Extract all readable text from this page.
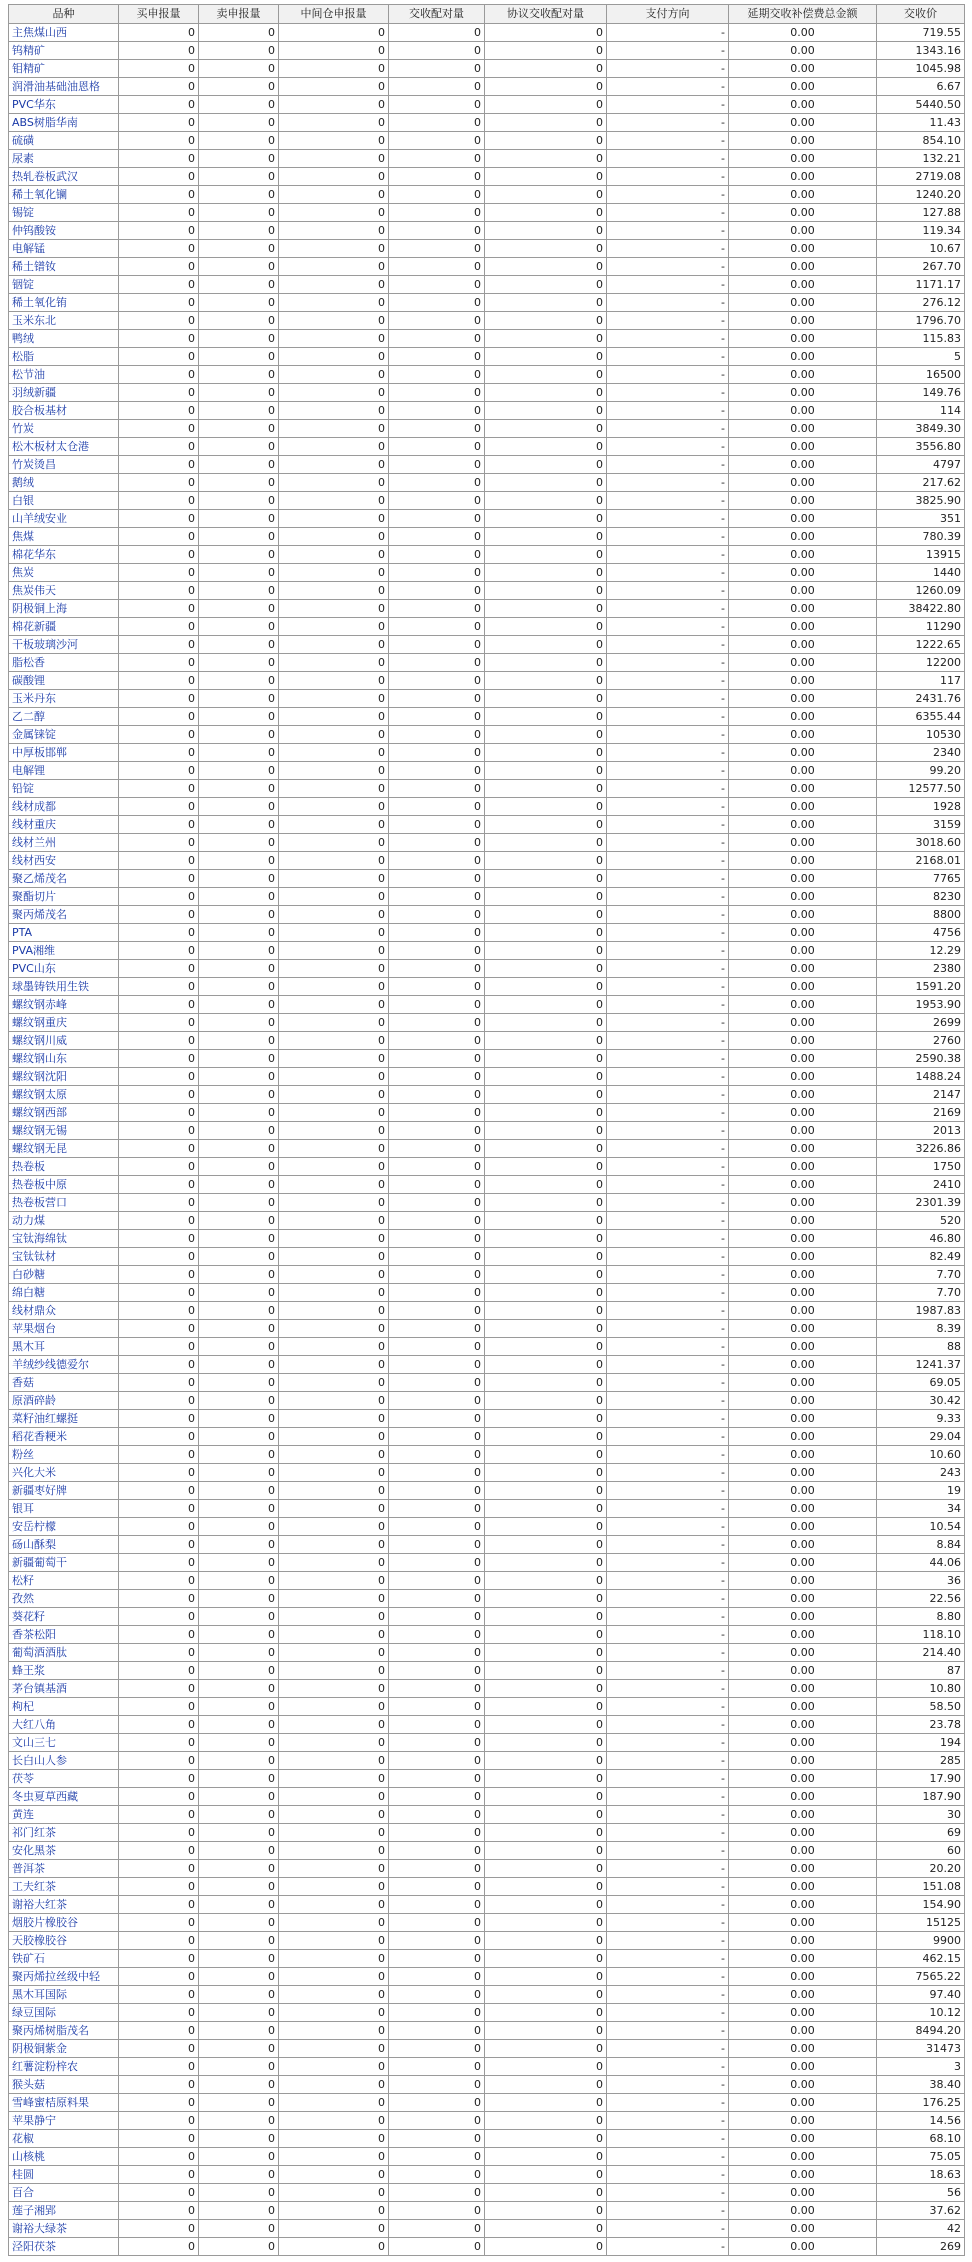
品种	买申报量	卖申报量	中间仓申报量	交收配对量	协议交收配对量	支付方向	延期交收补偿费总金额	交收价
主焦煤山西	0	0	0	0	0	-	0.00	719.55
钨精矿	0	0	0	0	0	-	0.00	1343.16
钼精矿	0	0	0	0	0	-	0.00	1045.98
润滑油基础油恩格	0	0	0	0	0	-	0.00	6.67
PVC华东	0	0	0	0	0	-	0.00	5440.50
ABS树脂华南	0	0	0	0	0	-	0.00	11.43
硫磺	0	0	0	0	0	-	0.00	854.10
尿素	0	0	0	0	0	-	0.00	132.21
热轧卷板武汉	0	0	0	0	0	-	0.00	2719.08
稀土氧化镧	0	0	0	0	0	-	0.00	1240.20
锡锭	0	0	0	0	0	-	0.00	127.88
仲钨酸铵	0	0	0	0	0	-	0.00	119.34
电解锰	0	0	0	0	0	-	0.00	10.67
稀土镨钕	0	0	0	0	0	-	0.00	267.70
铟锭	0	0	0	0	0	-	0.00	1171.17
稀土氧化铕	0	0	0	0	0	-	0.00	276.12
玉米东北	0	0	0	0	0	-	0.00	1796.70
鸭绒	0	0	0	0	0	-	0.00	115.83
松脂	0	0	0	0	0	-	0.00	5
松节油	0	0	0	0	0	-	0.00	16500
羽绒新疆	0	0	0	0	0	-	0.00	149.76
胶合板基材	0	0	0	0	0	-	0.00	114
竹炭	0	0	0	0	0	-	0.00	3849.30
松木板材太仓港	0	0	0	0	0	-	0.00	3556.80
竹炭烫昌	0	0	0	0	0	-	0.00	4797
鹅绒	0	0	0	0	0	-	0.00	217.62
白银	0	0	0	0	0	-	0.00	3825.90
山羊绒安业	0	0	0	0	0	-	0.00	351
焦煤	0	0	0	0	0	-	0.00	780.39
棉花华东	0	0	0	0	0	-	0.00	13915
焦炭	0	0	0	0	0	-	0.00	1440
焦炭伟天	0	0	0	0	0	-	0.00	1260.09
阴极铜上海	0	0	0	0	0	-	0.00	38422.80
棉花新疆	0	0	0	0	0	-	0.00	11290
干板玻璃沙河	0	0	0	0	0	-	0.00	1222.65
脂松香	0	0	0	0	0	-	0.00	12200
碳酸锂	0	0	0	0	0	-	0.00	117
玉米丹东	0	0	0	0	0	-	0.00	2431.76
乙二醇	0	0	0	0	0	-	0.00	6355.44
金属铼锭	0	0	0	0	0	-	0.00	10530
中厚板邯郸	0	0	0	0	0	-	0.00	2340
电解锂	0	0	0	0	0	-	0.00	99.20
铅锭	0	0	0	0	0	-	0.00	12577.50
线材成都	0	0	0	0	0	-	0.00	1928
线材重庆	0	0	0	0	0	-	0.00	3159
线材兰州	0	0	0	0	0	-	0.00	3018.60
线材西安	0	0	0	0	0	-	0.00	2168.01
聚乙烯茂名	0	0	0	0	0	-	0.00	7765
聚酯切片	0	0	0	0	0	-	0.00	8230
聚丙烯茂名	0	0	0	0	0	-	0.00	8800
PTA	0	0	0	0	0	-	0.00	4756
PVA湘维	0	0	0	0	0	-	0.00	12.29
PVC山东	0	0	0	0	0	-	0.00	2380
球墨铸铁用生铁	0	0	0	0	0	-	0.00	1591.20
螺纹钢赤峰	0	0	0	0	0	-	0.00	1953.90
螺纹钢重庆	0	0	0	0	0	-	0.00	2699
螺纹钢川威	0	0	0	0	0	-	0.00	2760
螺纹钢山东	0	0	0	0	0	-	0.00	2590.38
螺纹钢沈阳	0	0	0	0	0	-	0.00	1488.24
螺纹钢太原	0	0	0	0	0	-	0.00	2147
螺纹钢西部	0	0	0	0	0	-	0.00	2169
螺纹钢无锡	0	0	0	0	0	-	0.00	2013
螺纹钢无昆	0	0	0	0	0	-	0.00	3226.86
热卷板	0	0	0	0	0	-	0.00	1750
热卷板中原	0	0	0	0	0	-	0.00	2410
热卷板营口	0	0	0	0	0	-	0.00	2301.39
动力煤	0	0	0	0	0	-	0.00	520
宝钛海绵钛	0	0	0	0	0	-	0.00	46.80
宝钛钛材	0	0	0	0	0	-	0.00	82.49
白砂糖	0	0	0	0	0	-	0.00	7.70
绵白糖	0	0	0	0	0	-	0.00	7.70
线材鼎众	0	0	0	0	0	-	0.00	1987.83
苹果烟台	0	0	0	0	0	-	0.00	8.39
黑木耳	0	0	0	0	0	-	0.00	88
羊绒纱线德爱尔	0	0	0	0	0	-	0.00	1241.37
香菇	0	0	0	0	0	-	0.00	69.05
原酒碎龄	0	0	0	0	0	-	0.00	30.42
菜籽油红螺挺	0	0	0	0	0	-	0.00	9.33
稻花香粳米	0	0	0	0	0	-	0.00	29.04
粉丝	0	0	0	0	0	-	0.00	10.60
兴化大米	0	0	0	0	0	-	0.00	243
新疆枣好牌	0	0	0	0	0	-	0.00	19
银耳	0	0	0	0	0	-	0.00	34
安岳柠檬	0	0	0	0	0	-	0.00	10.54
砀山酥梨	0	0	0	0	0	-	0.00	8.84
新疆葡萄干	0	0	0	0	0	-	0.00	44.06
松籽	0	0	0	0	0	-	0.00	36
孜然	0	0	0	0	0	-	0.00	22.56
葵花籽	0	0	0	0	0	-	0.00	8.80
香茶松阳	0	0	0	0	0	-	0.00	118.10
葡萄酒酒肽	0	0	0	0	0	-	0.00	214.40
蜂王浆	0	0	0	0	0	-	0.00	87
茅台镇基酒	0	0	0	0	0	-	0.00	10.80
枸杞	0	0	0	0	0	-	0.00	58.50
大红八角	0	0	0	0	0	-	0.00	23.78
文山三七	0	0	0	0	0	-	0.00	194
长白山人参	0	0	0	0	0	-	0.00	285
茯苓	0	0	0	0	0	-	0.00	17.90
冬虫夏草西藏	0	0	0	0	0	-	0.00	187.90
黄连	0	0	0	0	0	-	0.00	30
祁门红茶	0	0	0	0	0	-	0.00	69
安化黑茶	0	0	0	0	0	-	0.00	60
普洱茶	0	0	0	0	0	-	0.00	20.20
工夫红茶	0	0	0	0	0	-	0.00	151.08
谢裕大红茶	0	0	0	0	0	-	0.00	154.90
烟胶片橡胶谷	0	0	0	0	0	-	0.00	15125
天胶橡胶谷	0	0	0	0	0	-	0.00	9900
铁矿石	0	0	0	0	0	-	0.00	462.15
聚丙烯拉丝级中轻	0	0	0	0	0	-	0.00	7565.22
黑木耳国际	0	0	0	0	0	-	0.00	97.40
绿豆国际	0	0	0	0	0	-	0.00	10.12
聚丙烯树脂茂名	0	0	0	0	0	-	0.00	8494.20
阴极铜紫金	0	0	0	0	0	-	0.00	31473
红薯淀粉梓农	0	0	0	0	0	-	0.00	3
猴头菇	0	0	0	0	0	-	0.00	38.40
雪峰蜜桔原料果	0	0	0	0	0	-	0.00	176.25
苹果静宁	0	0	0	0	0	-	0.00	14.56
花椒	0	0	0	0	0	-	0.00	68.10
山核桃	0	0	0	0	0	-	0.00	75.05
桂圆	0	0	0	0	0	-	0.00	18.63
百合	0	0	0	0	0	-	0.00	56
莲子湘郢	0	0	0	0	0	-	0.00	37.62
谢裕大绿茶	0	0	0	0	0	-	0.00	42
泾阳茯茶	0	0	0	0	0	-	0.00	269
